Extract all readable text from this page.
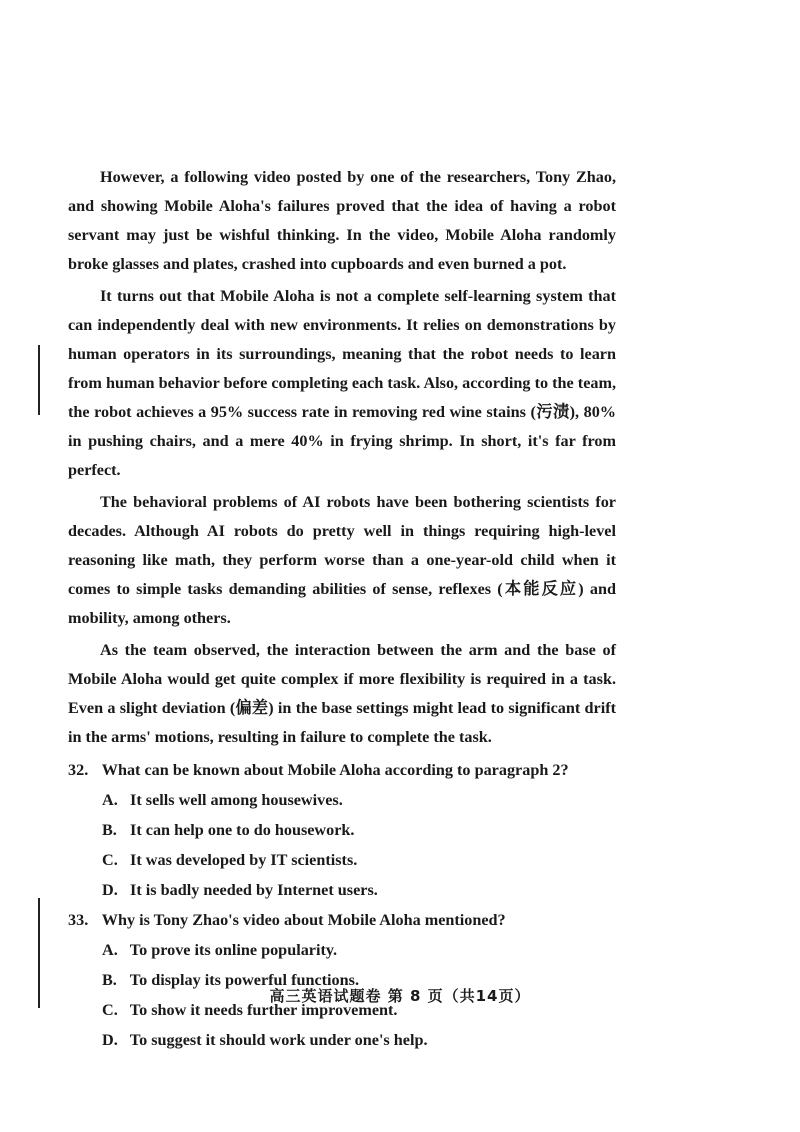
However, a following video posted by one of the researchers, Tony Zhao, and showing Mobile Aloha's failures proved that the idea of having a robot servant may just be wishful thinking. In the video, Mobile Aloha randomly broke glasses and plates, crashed into cupboards and even burned a pot.

It turns out that Mobile Aloha is not a complete self-learning system that can independently deal with new environments. It relies on demonstrations by human operators in its surroundings, meaning that the robot needs to learn from human behavior before completing each task. Also, according to the team, the robot achieves a 95% success rate in removing red wine stains (污渍), 80% in pushing chairs, and a mere 40% in frying shrimp. In short, it's far from perfect.

The behavioral problems of AI robots have been bothering scientists for decades. Although AI robots do pretty well in things requiring high-level reasoning like math, they perform worse than a one-year-old child when it comes to simple tasks demanding abilities of sense, reflexes (本能反应) and mobility, among others.

As the team observed, the interaction between the arm and the base of Mobile Aloha would get quite complex if more flexibility is required in a task. Even a slight deviation (偏差) in the base settings might lead to significant drift in the arms' motions, resulting in failure to complete the task.

32. What can be known about Mobile Aloha according to paragraph 2?

A. It sells well among housewives.
B. It can help one to do housework.
C. It was developed by IT scientists.
D. It is badly needed by Internet users.

33. Why is Tony Zhao's video about Mobile Aloha mentioned?

A. To prove its online popularity.
B. To display its powerful functions.
C. To show it needs further improvement.
D. To suggest it should work under one's help.
高三英语试题卷 第 8 页（共14页）
